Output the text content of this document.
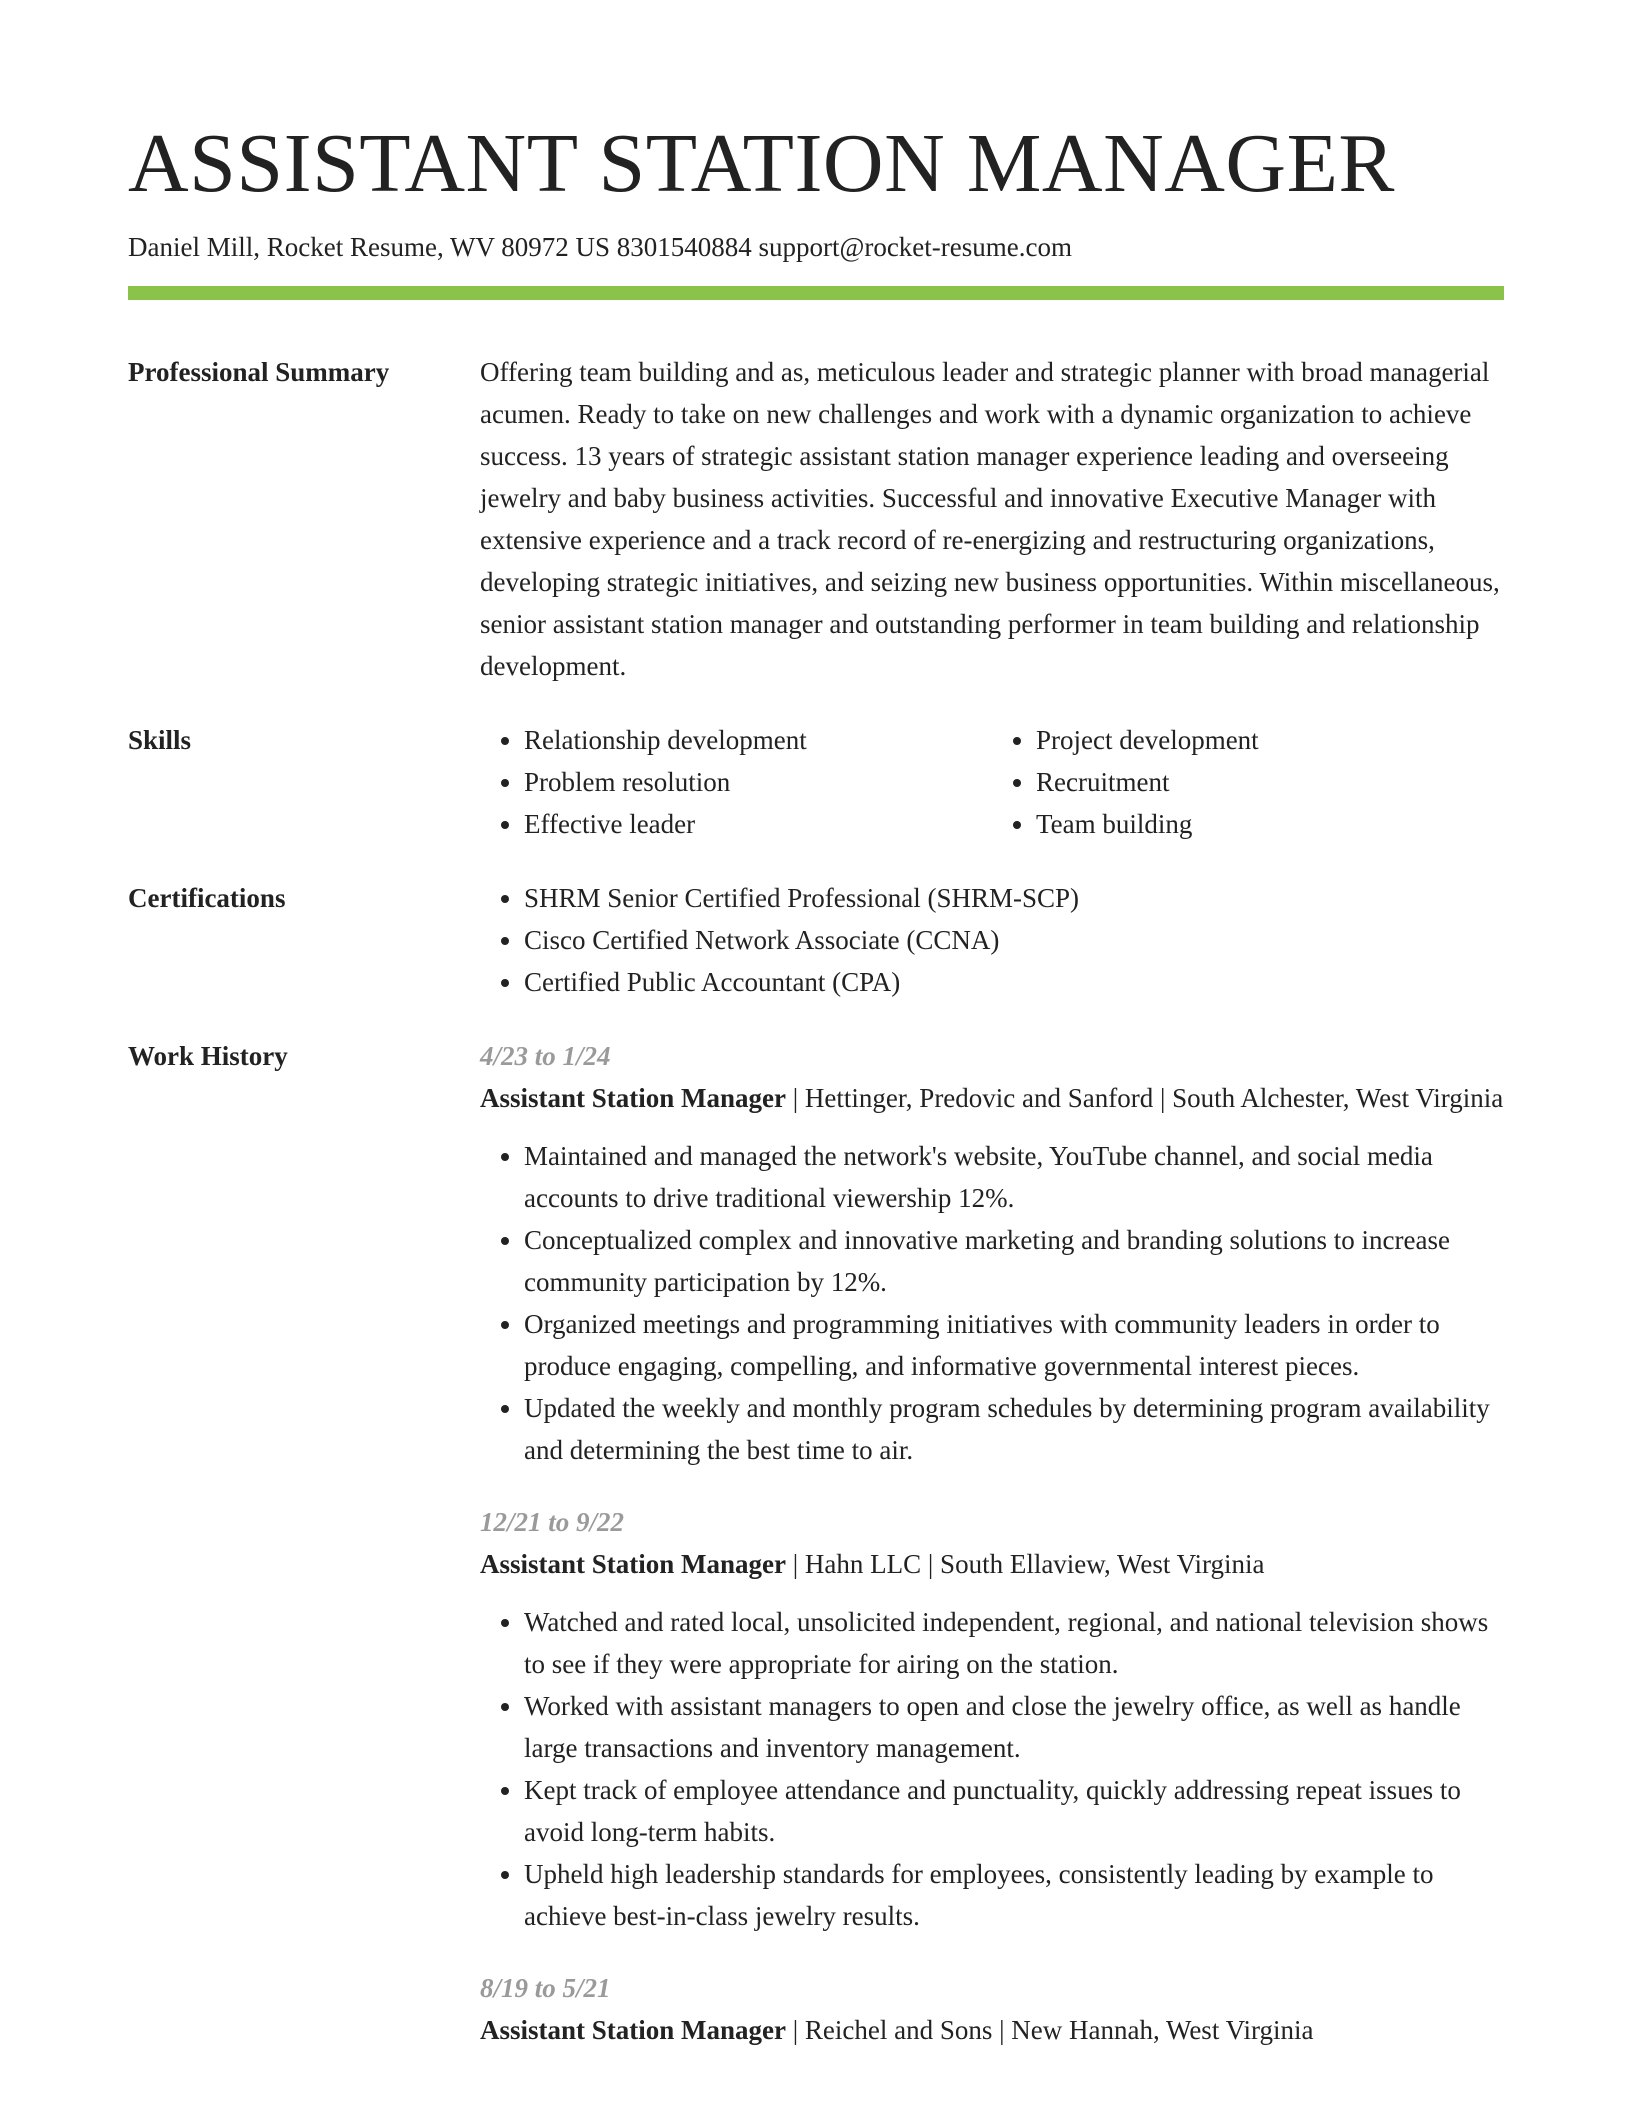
ASSISTANT STATION MANAGER
Daniel Mill, Rocket Resume, WV 80972 US 8301540884 support@rocket-resume.com
Professional Summary	Offering team building and as, meticulous leader and strategic planner with broad managerial acumen. Ready to take on new challenges and work with a dynamic organization to achieve success. 13 years of strategic assistant station manager experience leading and overseeing jewelry and baby business activities. Successful and innovative Executive Manager with extensive experience and a track record of re-energizing and restructuring organizations, developing strategic initiatives, and seizing new business opportunities. Within miscellaneous, senior assistant station manager and outstanding performer in team building and relationship development.

Skills	• Relationship development
• Problem resolution
• Effective leader
• Project development
• Recruitment
• Team building
Certifications	• SHRM Senior Certified Professional (SHRM-SCP)
• Cisco Certified Network Associate (CCNA)
• Certified Public Accountant (CPA)
Work History	4/23 to 1/24
Assistant Station Manager | Hettinger, Predovic and Sanford | South Alchester, West Virginia
• Maintained and managed the network's website, YouTube channel, and social media accounts to drive traditional viewership 12%.
• Conceptualized complex and innovative marketing and branding solutions to increase community participation by 12%.
• Organized meetings and programming initiatives with community leaders in order to produce engaging, compelling, and informative governmental interest pieces.
• Updated the weekly and monthly program schedules by determining program availability and determining the best time to air.
12/21 to 9/22
Assistant Station Manager | Hahn LLC | South Ellaview, West Virginia
• Watched and rated local, unsolicited independent, regional, and national television shows to see if they were appropriate for airing on the station.
• Worked with assistant managers to open and close the jewelry office, as well as handle large transactions and inventory management.
• Kept track of employee attendance and punctuality, quickly addressing repeat issues to avoid long-term habits.
• Upheld high leadership standards for employees, consistently leading by example to achieve best-in-class jewelry results.
8/19 to 5/21
Assistant Station Manager | Reichel and Sons | New Hannah, West Virginia
